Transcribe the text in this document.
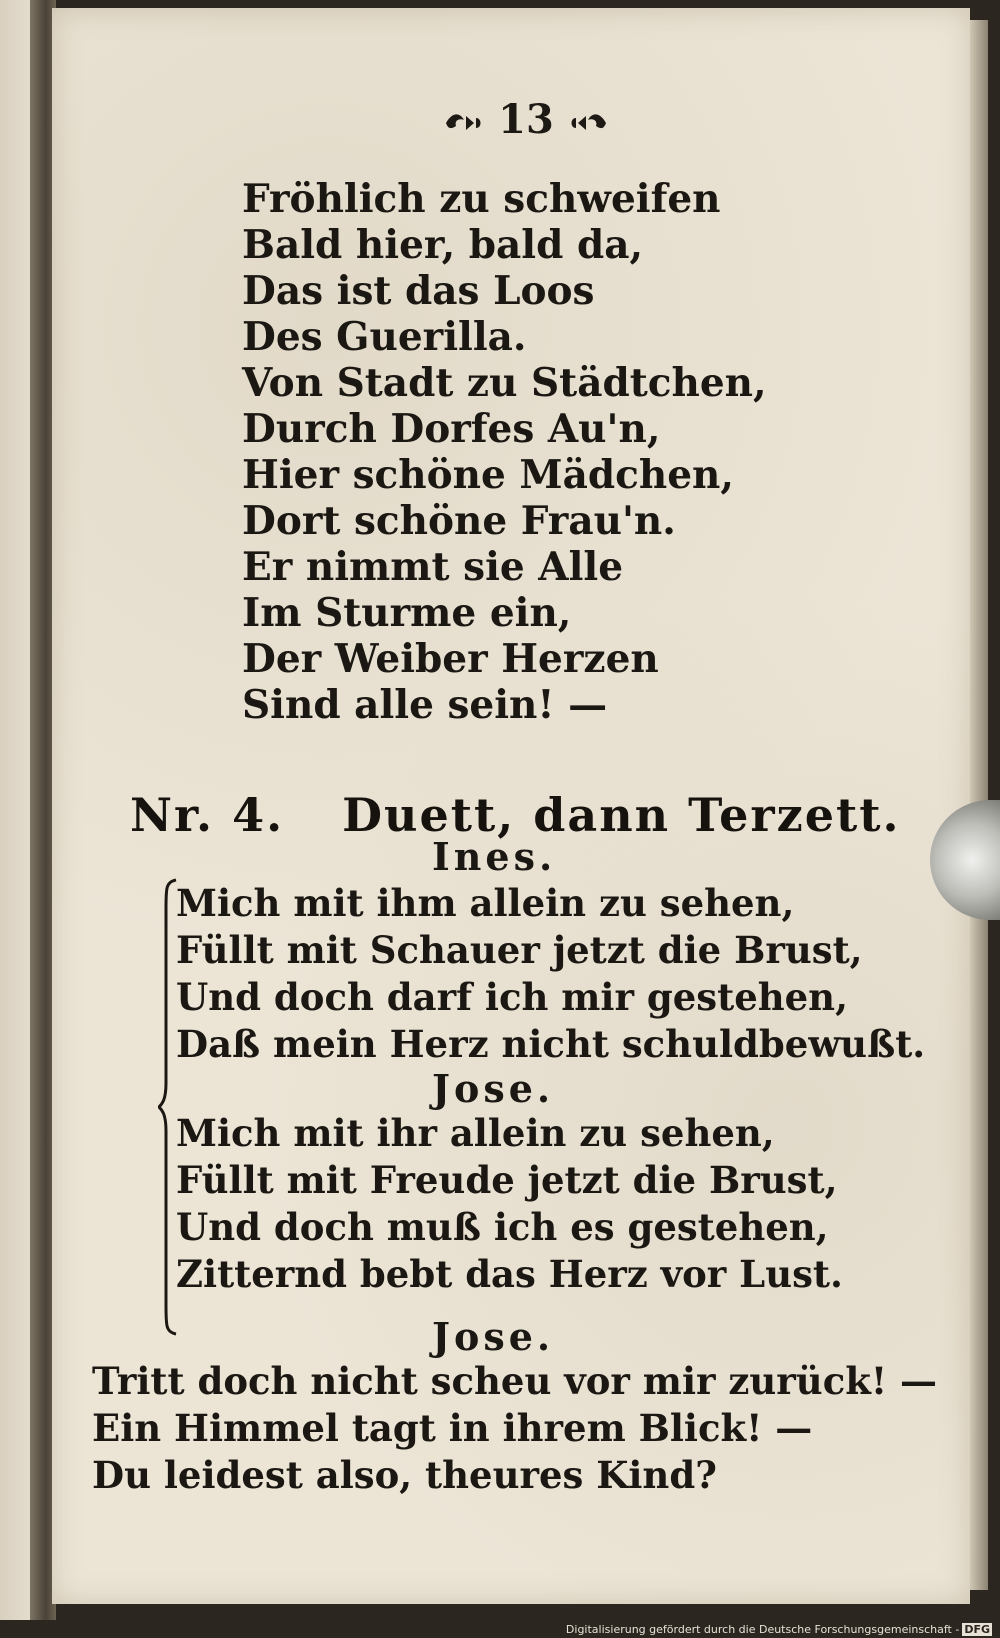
13
Fröhlich zu schweifen
Bald hier, bald da,
Das ist das Loos
Des Guerilla.
Von Stadt zu Städtchen,
Durch Dorfes Au'n,
Hier schöne Mädchen,
Dort schöne Frau'n.
Er nimmt sie Alle
Im Sturme ein,
Der Weiber Herzen
Sind alle sein! —
Nr. 4. Duett, dann Terzett.
Ines.
Mich mit ihm allein zu sehen,
Füllt mit Schauer jetzt die Brust,
Und doch darf ich mir gestehen,
Daß mein Herz nicht schuldbewußt.
Jose.
Mich mit ihr allein zu sehen,
Füllt mit Freude jetzt die Brust,
Und doch muß ich es gestehen,
Zitternd bebt das Herz vor Lust.
Jose.
Tritt doch nicht scheu vor mir zurück! —
Ein Himmel tagt in ihrem Blick! —
Du leidest also, theures Kind?
Digitalisierung gefördert durch die Deutsche Forschungsgemeinschaft - DFG
